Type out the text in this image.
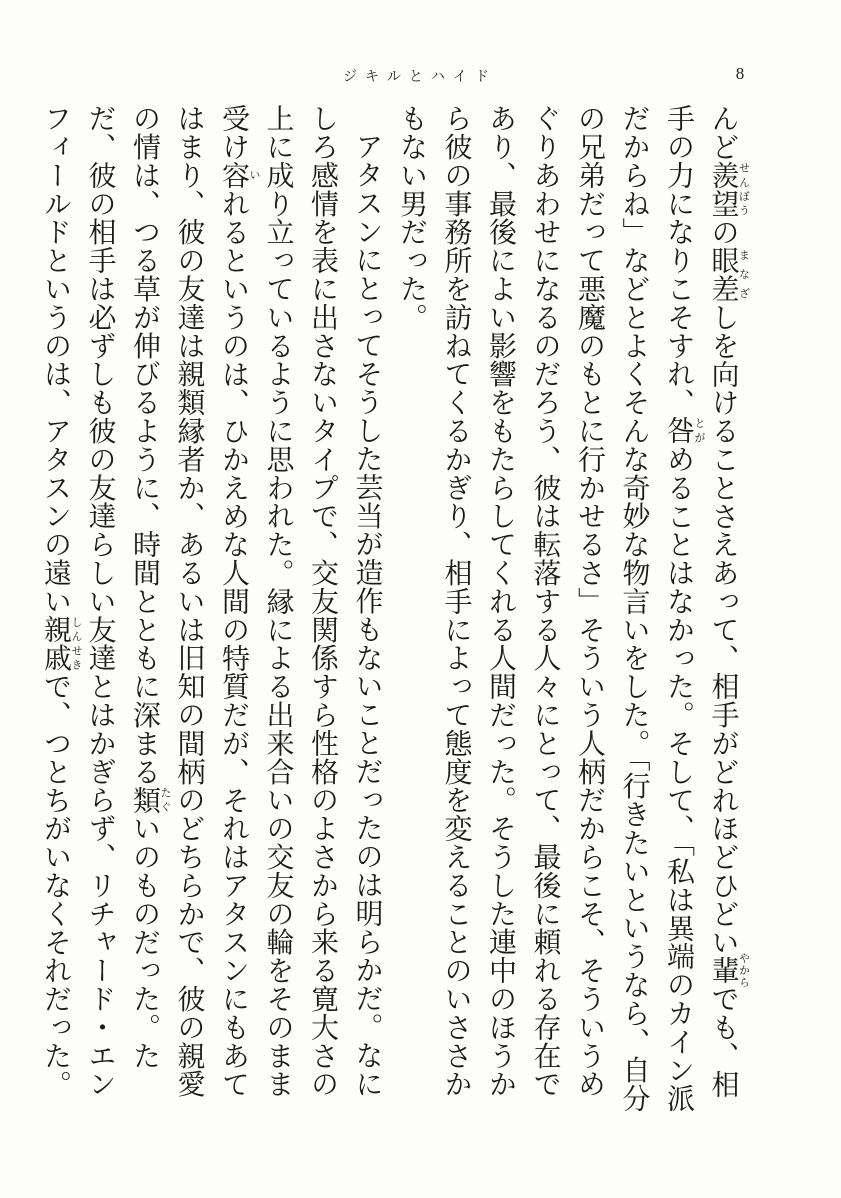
ジキルとハイド	8

んど羨望せんぼうの眼差まなざしを向けることさえあって、相手がどれほどひどい輩やからでも、相手の力になりこそすれ、咎とがめることはなかった。そして、「私は異端のカイン派だからね」などとよくそんな奇妙な物言いをした。「行きたいというなら、自分の兄弟だって悪魔のもとに行かせるさ」そういう人柄だからこそ、そういうめぐりあわせになるのだろう、彼は転落する人々にとって、最後に頼れる存在であり、最後によい影響をもたらしてくれる人間だった。そうした連中のほうから彼の事務所を訪ねてくるかぎり、相手によって態度を変えることのいささかもない男だった。

アタスンにとってそうした芸当が造作もないことだったのは明らかだ。なにしろ感情を表に出さないタイプで、交友関係すら性格のよさから来る寛大さの上に成り立っているように思われた。縁による出来合いの交友の輪をそのまま受け容いれるというのは、ひかえめな人間の特質だが、それはアタスンにもあてはまり、彼の友達は親類縁者か、あるいは旧知の間柄のどちらかで、彼の親愛の情は、つる草が伸びるように、時間とともに深まる類たぐいのものだった。ただ、彼の相手は必ずしも彼の友達らしい友達とはかぎらず、リチャード・エンフィールドというのは、アタスンの遠い親戚しんせきで、つとちがいなくそれだった。
